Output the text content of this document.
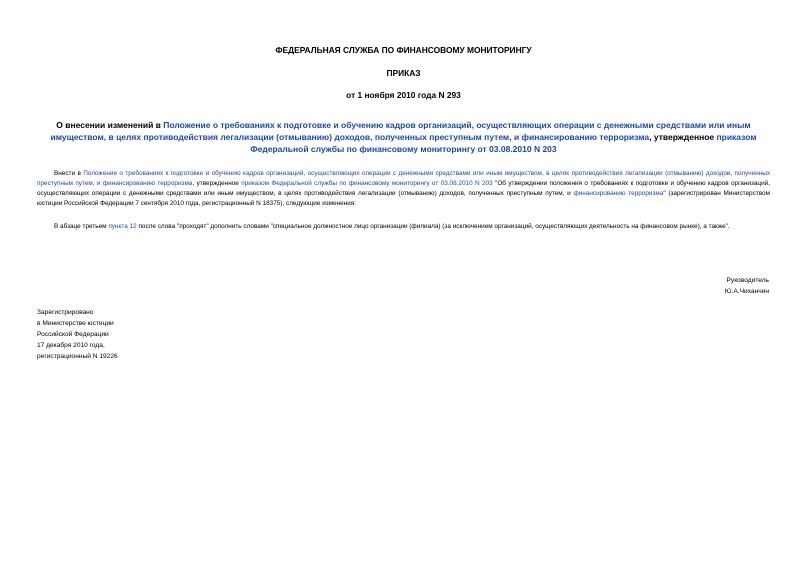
ФЕДЕРАЛЬНАЯ СЛУЖБА ПО ФИНАНСОВОМУ МОНИТОРИНГУ
ПРИКАЗ
от 1 ноября 2010 года N 293
О внесении изменений в Положение о требованиях к подготовке и обучению кадров организаций, осуществляющих операции с денежными средствами или иным имуществом, в целях противодействия легализации (отмыванию) доходов, полученных преступным путем, и финансированию терроризма, утвержденное приказом Федеральной службы по финансовому мониторингу от 03.08.2010 N 203
Внести в Положение о требованиях к подготовке и обучению кадров организаций, осуществляющих операции с денежными средствами или иным имуществом, в целях противодействия легализации (отмыванию) доходов, полученных преступным путем, и финансированию терроризма, утвержденное приказом Федеральной службы по финансовому мониторингу от 03.08.2010 N 203 "Об утверждении положения о требованиях к подготовке и обучению кадров организаций, осуществляющих операции с денежными средствами или иным имуществом, в целях противодействия легализации (отмыванию) доходов, полученных преступным путем, и финансированию терроризма" (зарегистрирован Министерством юстиции Российской Федерации 7 сентября 2010 года, регистрационный N 18375), следующие изменения:
В абзаце третьем пункта 12 после слова "проходят" дополнить словами "специальное должностное лицо организации (филиала) (за исключением организаций, осуществляющих деятельность на финансовом рынке), а также".
Руководитель
Ю.А.Чиханчин
Зарегистрировано
в Министерстве юстиции
Российской Федерации
17 декабря 2010 года,
регистрационный N 19226
